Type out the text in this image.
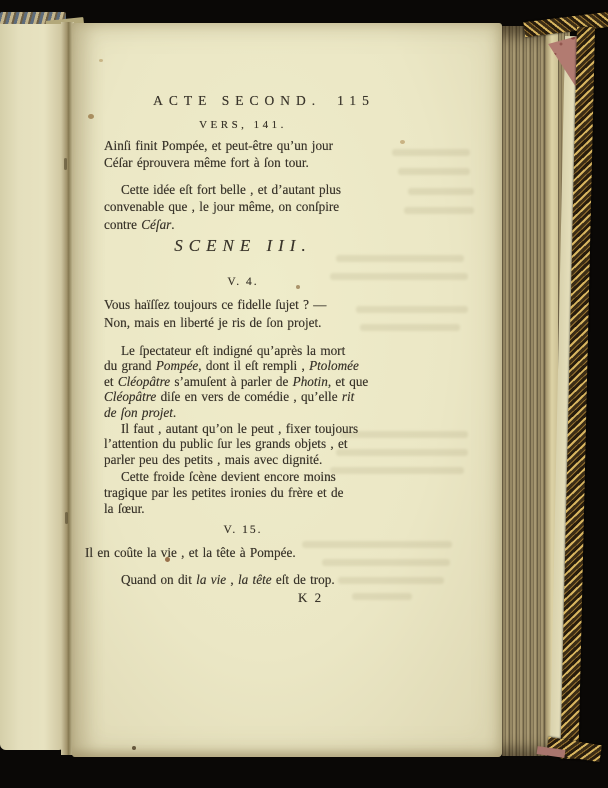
ACTE SECOND. 115
VERS, 141.
Ainſi finit Pompée, et peut-être qu’un jour
Céſar éprouvera même fort à ſon tour.
Cette idée eſt fort belle , et d’autant plus
convenable que , le jour même, on conſpire
contre Céſar.
SCENE III.
V. 4.
Vous haïſſez toujours ce fidelle ſujet ? —
Non, mais en liberté je ris de ſon projet.
Le ſpectateur eſt indigné qu’après la mort
du grand Pompée, dont il eſt rempli , Ptolomée
et Cléopâtre s’amuſent à parler de Photin, et que
Cléopâtre diſe en vers de comédie , qu’elle rit
de ſon projet.
Il faut , autant qu’on le peut , fixer toujours
l’attention du public ſur les grands objets , et
parler peu des petits , mais avec dignité.
Cette froide ſcène devient encore moins
tragique par les petites ironies du frère et de
la ſœur.
V. 15.
Il en coûte la vie , et la tête à Pompée.
Quand on dit la vie , la tête eſt de trop.
K 2
